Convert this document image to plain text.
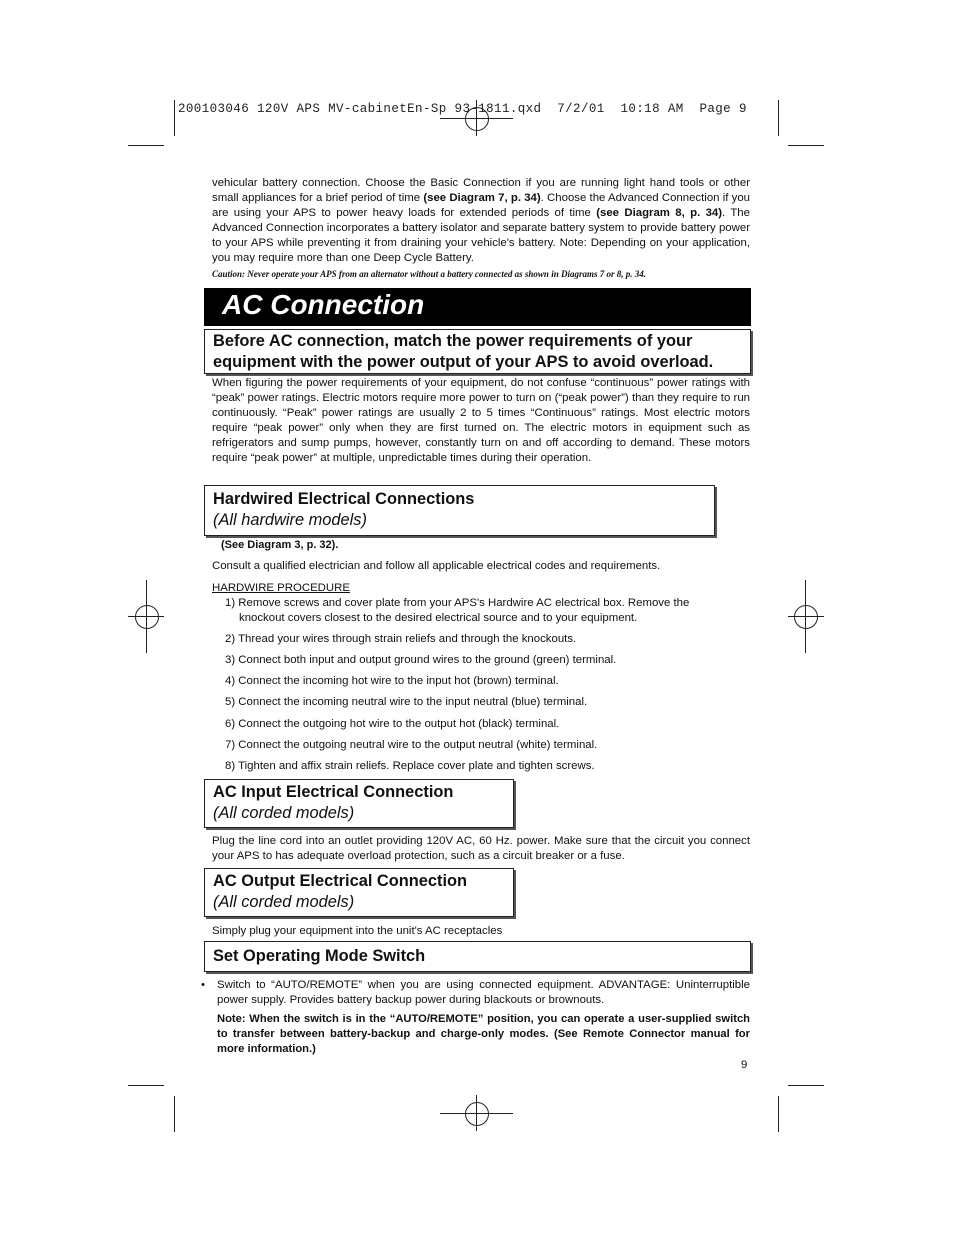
200103046 120V APS MV-cabinetEn-Sp 93-1811.qxd  7/2/01  10:18 AM  Page 9

vehicular battery connection. Choose the Basic Connection if you are running light hand tools or other small appliances for a brief period of time (see Diagram 7, p. 34). Choose the Advanced Connection if you are using your APS to power heavy loads for extended periods of time (see Diagram 8, p. 34). The Advanced Connection incorporates a battery isolator and separate battery system to provide battery power to your APS while preventing it from draining your vehicle's battery. Note: Depending on your application, you may require more than one Deep Cycle Battery.

Caution: Never operate your APS from an alternator without a battery connected as shown in Diagrams 7 or 8, p. 34.

AC Connection
Before AC connection, match the power requirements of your
equipment with the power output of your APS to avoid overload.

When figuring the power requirements of your equipment, do not confuse “continuous” power ratings with “peak” power ratings. Electric motors require more power to turn on (“peak power”) than they require to run continuously. “Peak” power ratings are usually 2 to 5 times “Continuous” ratings. Most electric motors require “peak power” only when they are first turned on. The electric motors in equipment such as refrigerators and sump pumps, however, constantly turn on and off according to demand. These motors require “peak power” at multiple, unpredictable times during their operation.

Hardwired Electrical Connections
(All hardwire models)
(See Diagram 3, p. 32).
Consult a qualified electrician and follow all applicable electrical codes and requirements.
HARDWIRE PROCEDURE
1) Remove screws and cover plate from your APS's Hardwire AC electrical box. Remove the
knockout covers closest to the desired electrical source and to your equipment.
2) Thread your wires through strain reliefs and through the knockouts.
3) Connect both input and output ground wires to the ground (green) terminal.
4) Connect the incoming hot wire to the input hot (brown) terminal.
5) Connect the incoming neutral wire to the input neutral (blue) terminal.
6) Connect the outgoing hot wire to the output hot (black) terminal.
7) Connect the outgoing neutral wire to the output neutral (white) terminal.
8) Tighten and affix strain reliefs. Replace cover plate and tighten screws.
AC Input Electrical Connection
(All corded models)

Plug the line cord into an outlet providing 120V AC, 60 Hz. power. Make sure that the circuit you connect your APS to has adequate overload protection, such as a circuit breaker or a fuse.

AC Output Electrical Connection
(All corded models)
Simply plug your equipment into the unit's AC receptacles
Set Operating Mode Switch
• Switch to “AUTO/REMOTE” when you are using connected equipment. ADVANTAGE: Uninterruptible power supply. Provides battery backup power during blackouts or brownouts.
Note: When the switch is in the “AUTO/REMOTE” position, you can operate a user-supplied switch to transfer between battery-backup and charge-only modes. (See Remote Connector manual for more information.)
9
